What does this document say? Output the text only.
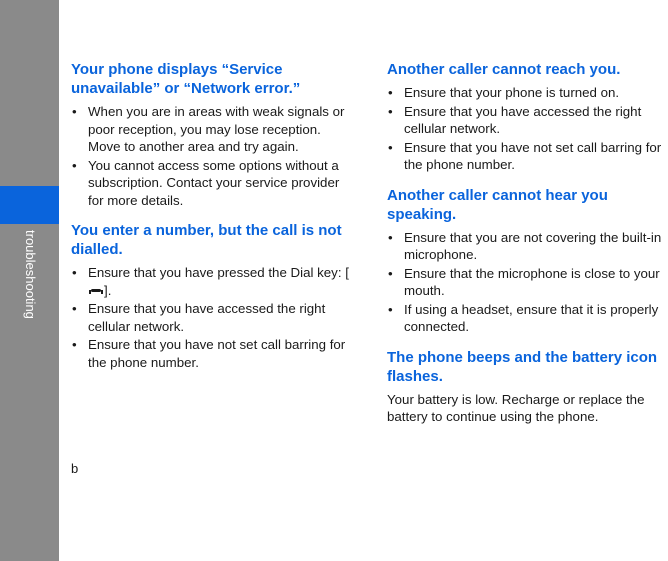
troubleshooting
Your phone displays “Service unavailable” or “Network error.”
• When you are in areas with weak signals or poor reception, you may lose reception. Move to another area and try again.
• You cannot access some options without a subscription. Contact your service provider for more details.
You enter a number, but the call is not dialled.
• Ensure that you have pressed the Dial key: [].
• Ensure that you have accessed the right cellular network.
• Ensure that you have not set call barring for the phone number.
Another caller cannot reach you.
• Ensure that your phone is turned on.
• Ensure that you have accessed the right cellular network.
• Ensure that you have not set call barring for the phone number.
Another caller cannot hear you speaking.
• Ensure that you are not covering the built-in microphone.
• Ensure that the microphone is close to your mouth.
• If using a headset, ensure that it is properly connected.
The phone beeps and the battery icon flashes.

Your battery is low. Recharge or replace the battery to continue using the phone.

b
